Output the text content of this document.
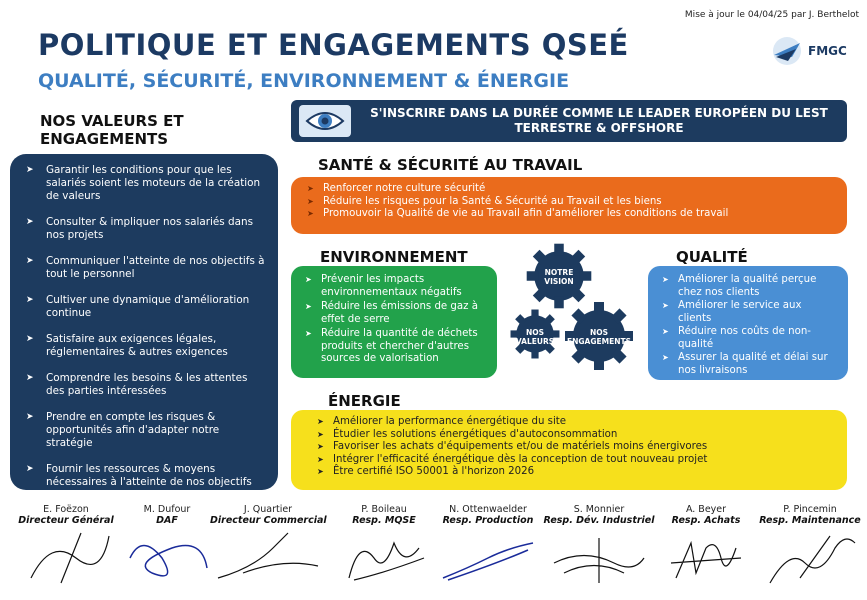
Mise à jour le 04/04/25 par J. Berthelot
POLITIQUE ET ENGAGEMENTS QSEÉ
QUALITÉ, SÉCURITÉ, ENVIRONNEMENT & ÉNERGIE
FMGC
NOS VALEURS ET ENGAGEMENTS
➤ Garantir les conditions pour que les salariés soient les moteurs de la création de valeurs
➤ Consulter & impliquer nos salariés dans nos projets
➤ Communiquer l'atteinte de nos objectifs à tout le personnel
➤ Cultiver une dynamique d'amélioration continue
➤ Satisfaire aux exigences légales, réglementaires & autres exigences
➤ Comprendre les besoins & les attentes des parties intéressées
➤ Prendre en compte les risques & opportunités afin d'adapter notre stratégie
➤ Fournir les ressources & moyens nécessaires à l'atteinte de nos objectifs
S'INSCRIRE DANS LA DURÉE COMME LE LEADER EUROPÉEN DU LEST TERRESTRE & OFFSHORE
SANTÉ & SÉCURITÉ AU TRAVAIL
➤ Renforcer notre culture sécurité
➤ Réduire les risques pour la Santé & Sécurité au Travail et les biens
➤ Promouvoir la Qualité de vie au Travail afin d'améliorer les conditions de travail
ENVIRONNEMENT
➤ Prévenir les impacts environnementaux négatifs
➤ Réduire les émissions de gaz à effet de serre
➤ Réduire la quantité de déchets produits et chercher d'autres sources de valorisation
NOTRE VISION
NOS VALEURS
NOS ENGAGEMENTS
QUALITÉ
➤ Améliorer la qualité perçue chez nos clients
➤ Améliorer le service aux clients
➤ Réduire nos coûts de non-qualité
➤ Assurer la qualité et délai sur nos livraisons
ÉNERGIE
➤ Améliorer la performance énergétique du site
➤ Étudier les solutions énergétiques d'autoconsommation
➤ Favoriser les achats d'équipements et/ou de matériels moins énergivores
➤ Intégrer l'efficacité énergétique dès la conception de tout nouveau projet
➤ Être certifié ISO 50001 à l'horizon 2026
E. Foëzon
Directeur Général
M. Dufour
DAF
J. Quartier
Directeur Commercial
P. Boileau
Resp. MQSE
N. Ottenwaelder
Resp. Production
S. Monnier
Resp. Dév. Industriel
A. Beyer
Resp. Achats
P. Pincemin
Resp. Maintenance
